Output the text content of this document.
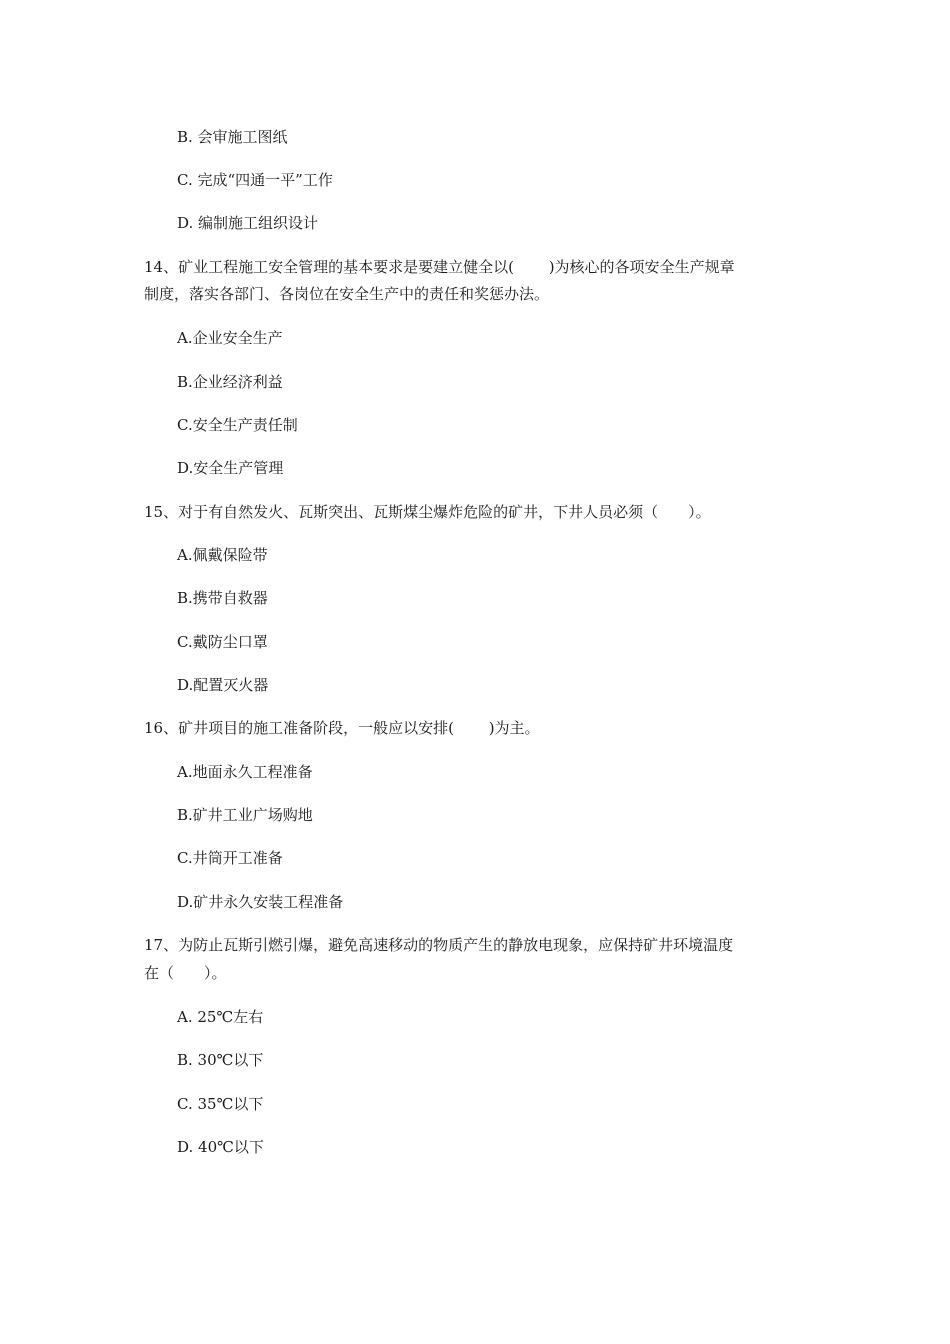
B. 会审施工图纸
C. 完成“四通一平”工作
D. 编制施工组织设计
14、矿业工程施工安全管理的基本要求是要建立健全以(　　 )为核心的各项安全生产规章
制度，落实各部门、各岗位在安全生产中的责任和奖惩办法。
A.企业安全生产
B.企业经济利益
C.安全生产责任制
D.安全生产管理
15、对于有自然发火、瓦斯突出、瓦斯煤尘爆炸危险的矿井，下井人员必须（　　）。
A.佩戴保险带
B.携带自救器
C.戴防尘口罩
D.配置灭火器
16、矿井项目的施工准备阶段，一般应以安排(　　 )为主。
A.地面永久工程准备
B.矿井工业广场购地
C.井筒开工准备
D.矿井永久安装工程准备
17、为防止瓦斯引燃引爆，避免高速移动的物质产生的静放电现象，应保持矿井环境温度
在（　　）。
A. 25℃左右
B. 30℃以下
C. 35℃以下
D. 40℃以下
